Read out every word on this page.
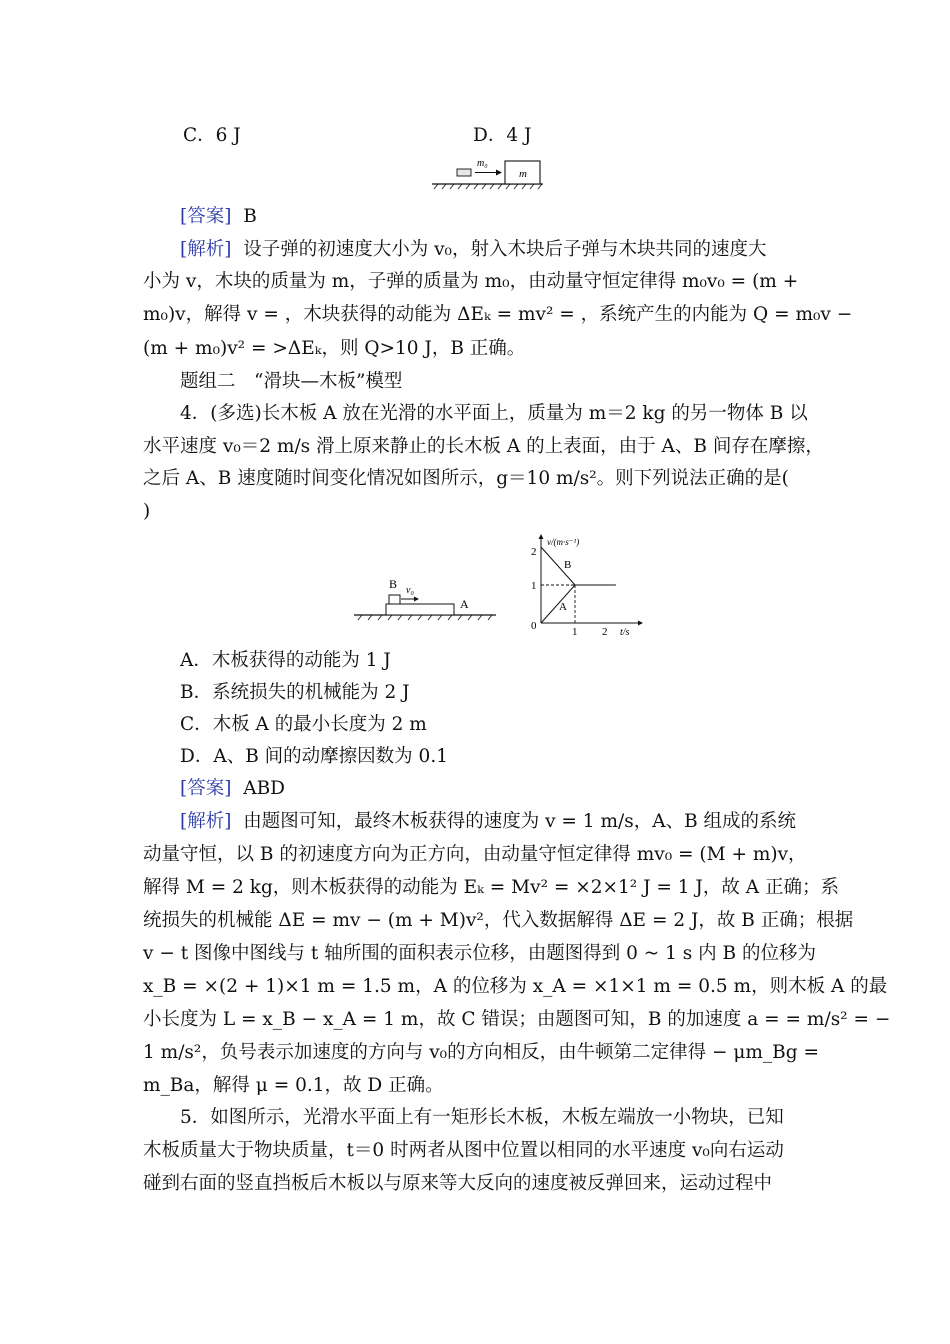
C．6 J	D．4 J
m₀
m
[答案] B
[解析] 设子弹的初速度大小为 v₀，射入木块后子弹与木块共同的速度大
小为 v，木块的质量为 m，子弹的质量为 m₀，由动量守恒定律得 m₀v₀ = (m +
m₀)v，解得 v = ，木块获得的动能为 ΔEₖ = mv² = ，系统产生的内能为 Q = m₀v −
(m + m₀)v² = >ΔEₖ，则 Q>10 J，B 正确。
题组二　“滑块—木板”模型
4．(多选)长木板 A 放在光滑的水平面上，质量为 m＝2 kg 的另一物体 B 以
水平速度 v₀＝2 m/s 滑上原来静止的长木板 A 的上表面，由于 A、B 间存在摩擦，
之后 A、B 速度随时间变化情况如图所示，g＝10 m/s²。则下列说法正确的是(
)
B v₀
A
v/(m·s⁻¹)
t/s
0	1 2
1
2
B
A
A．木板获得的动能为 1 J
B．系统损失的机械能为 2 J
C．木板 A 的最小长度为 2 m
D．A、B 间的动摩擦因数为 0.1
[答案] ABD
[解析] 由题图可知，最终木板获得的速度为 v = 1 m/s，A、B 组成的系统
动量守恒，以 B 的初速度方向为正方向，由动量守恒定律得 mv₀ = (M + m)v，
解得 M = 2 kg，则木板获得的动能为 Eₖ = Mv² = ×2×1² J = 1 J，故 A 正确；系
统损失的机械能 ΔE = mv − (m + M)v²，代入数据解得 ΔE = 2 J，故 B 正确；根据
v − t 图像中图线与 t 轴所围的面积表示位移，由题图得到 0 ~ 1 s 内 B 的位移为
x_B = ×(2 + 1)×1 m = 1.5 m，A 的位移为 x_A = ×1×1 m = 0.5 m，则木板 A 的最
小长度为 L = x_B − x_A = 1 m，故 C 错误；由题图可知，B 的加速度 a = = m/s² = −
1 m/s²，负号表示加速度的方向与 v₀的方向相反，由牛顿第二定律得 − μm_Bg =
m_Ba，解得 μ = 0.1，故 D 正确。
5．如图所示，光滑水平面上有一矩形长木板，木板左端放一小物块，已知
木板质量大于物块质量，t＝0 时两者从图中位置以相同的水平速度 v₀向右运动
碰到右面的竖直挡板后木板以与原来等大反向的速度被反弹回来，运动过程中
